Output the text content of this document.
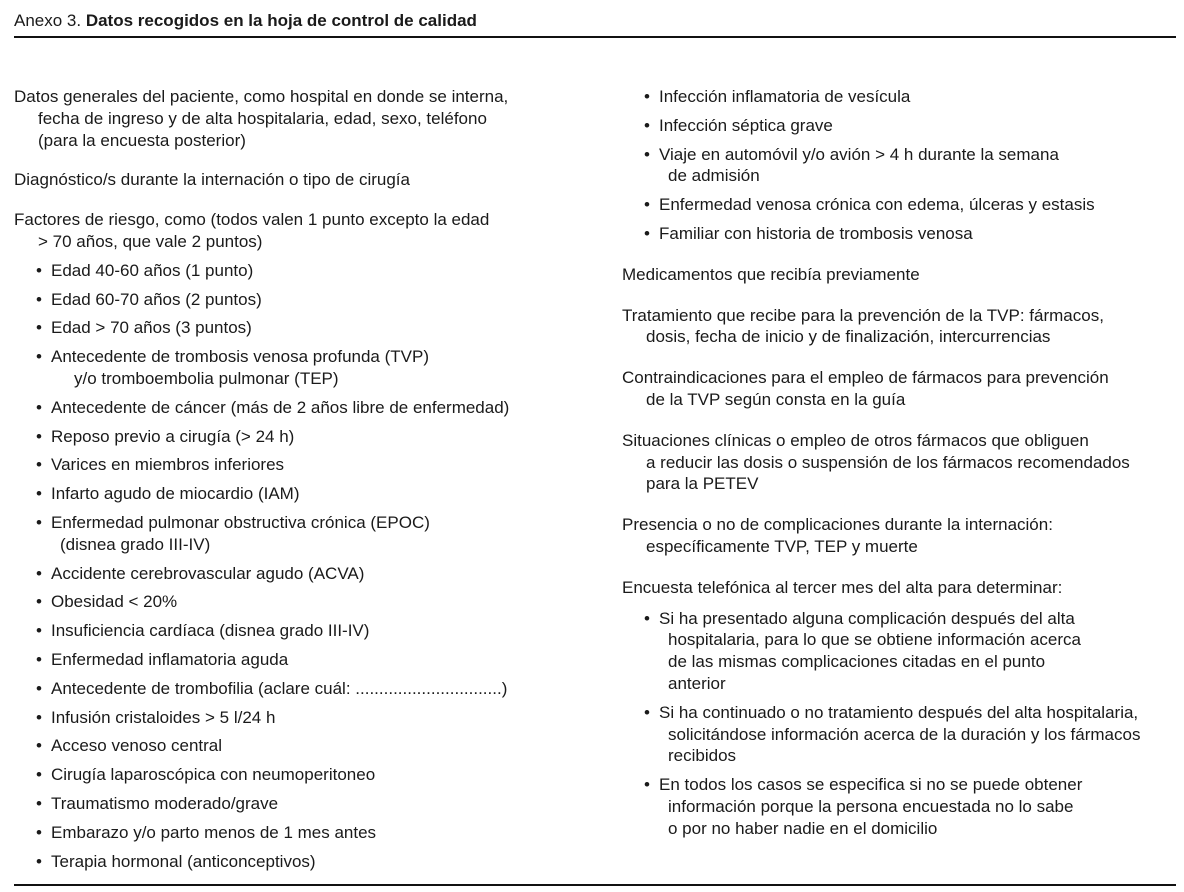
Anexo 3. Datos recogidos en la hoja de control de calidad

Datos generales del paciente, como hospital en donde se interna,
fecha de ingreso y de alta hospitalaria, edad, sexo, teléfono
(para la encuesta posterior)

Diagnóstico/s durante la internación o tipo de cirugía

Factores de riesgo, como (todos valen 1 punto excepto la edad
> 70 años, que vale 2 puntos)

• Edad 40-60 años (1 punto)
• Edad 60-70 años (2 puntos)
• Edad > 70 años (3 puntos)
• Antecedente de trombosis venosa profunda (TVP)
y/o tromboembolia pulmonar (TEP)
• Antecedente de cáncer (más de 2 años libre de enfermedad)
• Reposo previo a cirugía (> 24 h)
• Varices en miembros inferiores
• Infarto agudo de miocardio (IAM)
• Enfermedad pulmonar obstructiva crónica (EPOC)
(disnea grado III-IV)
• Accidente cerebrovascular agudo (ACVA)
• Obesidad < 20%
• Insuficiencia cardíaca (disnea grado III-IV)
• Enfermedad inflamatoria aguda
• Antecedente de trombofilia (aclare cuál: ...............................)
• Infusión cristaloides > 5 l/24 h
• Acceso venoso central
• Cirugía laparoscópica con neumoperitoneo
• Traumatismo moderado/grave
• Embarazo y/o parto menos de 1 mes antes
• Terapia hormonal (anticonceptivos)
• Infección inflamatoria de vesícula
• Infección séptica grave
• Viaje en automóvil y/o avión > 4 h durante la semana
de admisión
• Enfermedad venosa crónica con edema, úlceras y estasis
• Familiar con historia de trombosis venosa

Medicamentos que recibía previamente

Tratamiento que recibe para la prevención de la TVP: fármacos,
dosis, fecha de inicio y de finalización, intercurrencias

Contraindicaciones para el empleo de fármacos para prevención
de la TVP según consta en la guía

Situaciones clínicas o empleo de otros fármacos que obliguen
a reducir las dosis o suspensión de los fármacos recomendados
para la PETEV

Presencia o no de complicaciones durante la internación:
específicamente TVP, TEP y muerte

Encuesta telefónica al tercer mes del alta para determinar:

• Si ha presentado alguna complicación después del alta
hospitalaria, para lo que se obtiene información acerca
de las mismas complicaciones citadas en el punto
anterior
• Si ha continuado o no tratamiento después del alta hospitalaria,
solicitándose información acerca de la duración y los fármacos
recibidos
• En todos los casos se especifica si no se puede obtener
información porque la persona encuestada no lo sabe
o por no haber nadie en el domicilio
